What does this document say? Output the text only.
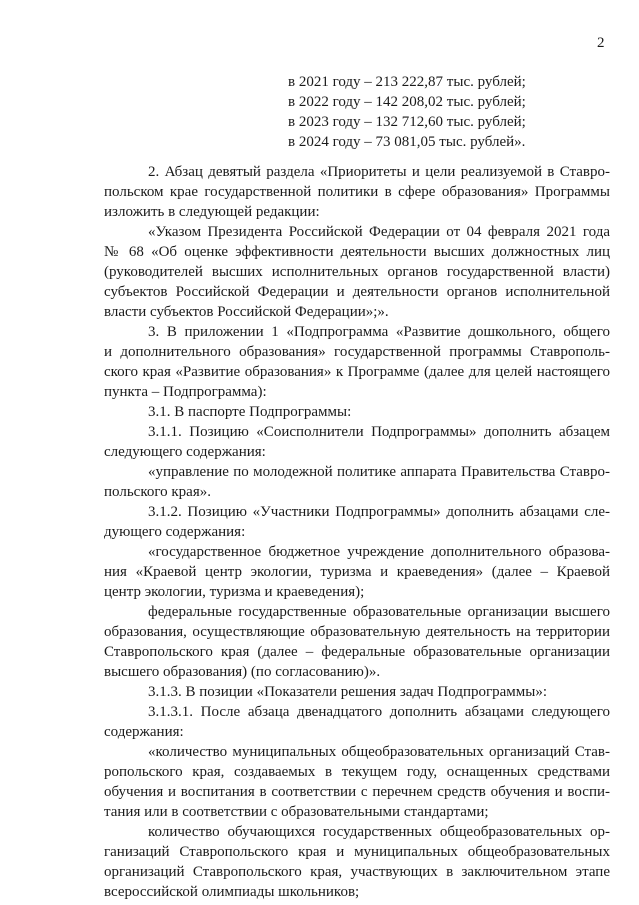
2
в 2021 году – 213 222,87 тыс. рублей;
в 2022 году – 142 208,02 тыс. рублей;
в 2023 году – 132 712,60 тыс. рублей;
в 2024 году – 73 081,05 тыс. рублей».
2. Абзац девятый раздела «Приоритеты и цели реализуемой в Ставро-
польском крае государственной политики в сфере образования» Программы
изложить в следующей редакции:
«Указом Президента Российской Федерации от 04 февраля 2021 года
№ 68 «Об оценке эффективности деятельности высших должностных лиц
(руководителей высших исполнительных органов государственной власти)
субъектов Российской Федерации и деятельности органов исполнительной
власти субъектов Российской Федерации»;».
3. В приложении 1 «Подпрограмма «Развитие дошкольного, общего
и дополнительного образования» государственной программы Ставрополь-
ского края «Развитие образования» к Программе (далее для целей настоящего
пункта – Подпрограмма):
3.1. В паспорте Подпрограммы:
3.1.1. Позицию «Соисполнители Подпрограммы» дополнить абзацем
следующего содержания:
«управление по молодежной политике аппарата Правительства Ставро-
польского края».
3.1.2. Позицию «Участники Подпрограммы» дополнить абзацами сле-
дующего содержания:
«государственное бюджетное учреждение дополнительного образова-
ния «Краевой центр экологии, туризма и краеведения» (далее – Краевой
центр экологии, туризма и краеведения);
федеральные государственные образовательные организации высшего
образования, осуществляющие образовательную деятельность на территории
Ставропольского края (далее – федеральные образовательные организации
высшего образования) (по согласованию)».
3.1.3. В позиции «Показатели решения задач Подпрограммы»:
3.1.3.1. После абзаца двенадцатого дополнить абзацами следующего
содержания:
«количество муниципальных общеобразовательных организаций Став-
ропольского края, создаваемых в текущем году, оснащенных средствами
обучения и воспитания в соответствии с перечнем средств обучения и воспи-
тания или в соответствии с образовательными стандартами;
количество обучающихся государственных общеобразовательных ор-
ганизаций Ставропольского края и муниципальных общеобразовательных
организаций Ставропольского края, участвующих в заключительном этапе
всероссийской олимпиады школьников;
